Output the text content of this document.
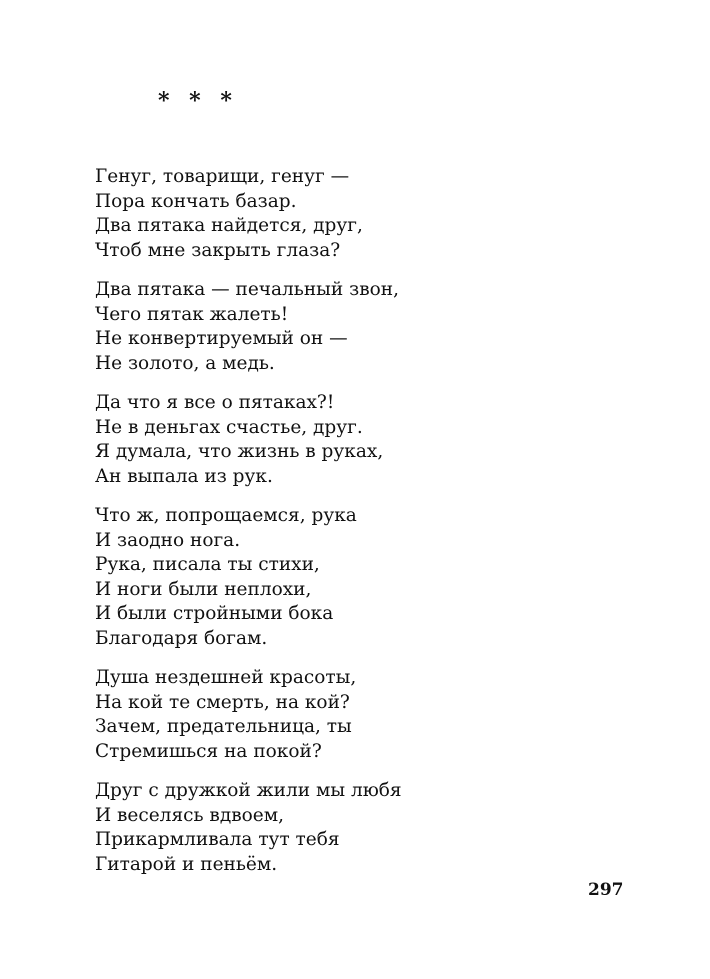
* * *
Генуг, товарищи, генуг —
Пора кончать базар.
Два пятака найдется, друг,
Чтоб мне закрыть глаза?
Два пятака — печальный звон,
Чего пятак жалеть!
Не конвертируемый он —
Не золото, а медь.
Да что я все о пятаках?!
Не в деньгах счастье, друг.
Я думала, что жизнь в руках,
Ан выпала из рук.
Что ж, попрощаемся, рука
И заодно нога.
Рука, писала ты стихи,
И ноги были неплохи,
И были стройными бока
Благодаря богам.
Душа нездешней красоты,
На кой те смерть, на кой?
Зачем, предательница, ты
Стремишься на покой?
Друг с дружкой жили мы любя
И веселясь вдвоем,
Прикармливала тут тебя
Гитарой и пеньём.
297
